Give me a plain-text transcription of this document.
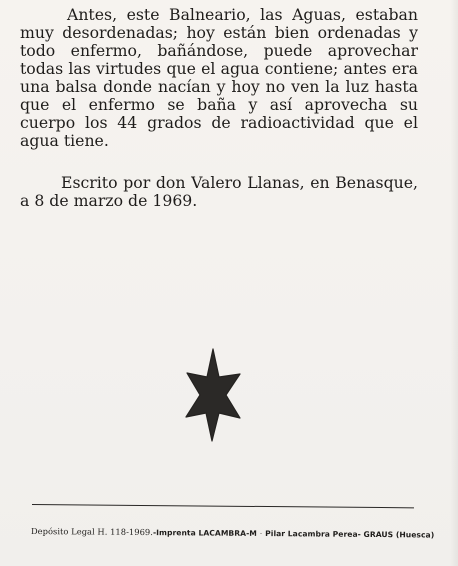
Antes, este Balneario, las Aguas, estaban muy desordenadas; hoy están bien ordenadas y todo enfermo, bañándose, puede aprovechar todas las virtudes que el agua contiene; antes era una balsa donde nacían y hoy no ven la luz hasta que el enfermo se baña y así aprovecha su cuerpo los 44 grados de radioactividad que el agua tiene.

Escrito por don Valero Llanas, en Benasque, a 8 de marzo de 1969.

Depósito Legal H. 118-1969.-Imprenta LACAMBRA-M · Pilar Lacambra Perea- GRAUS (Huesca)
